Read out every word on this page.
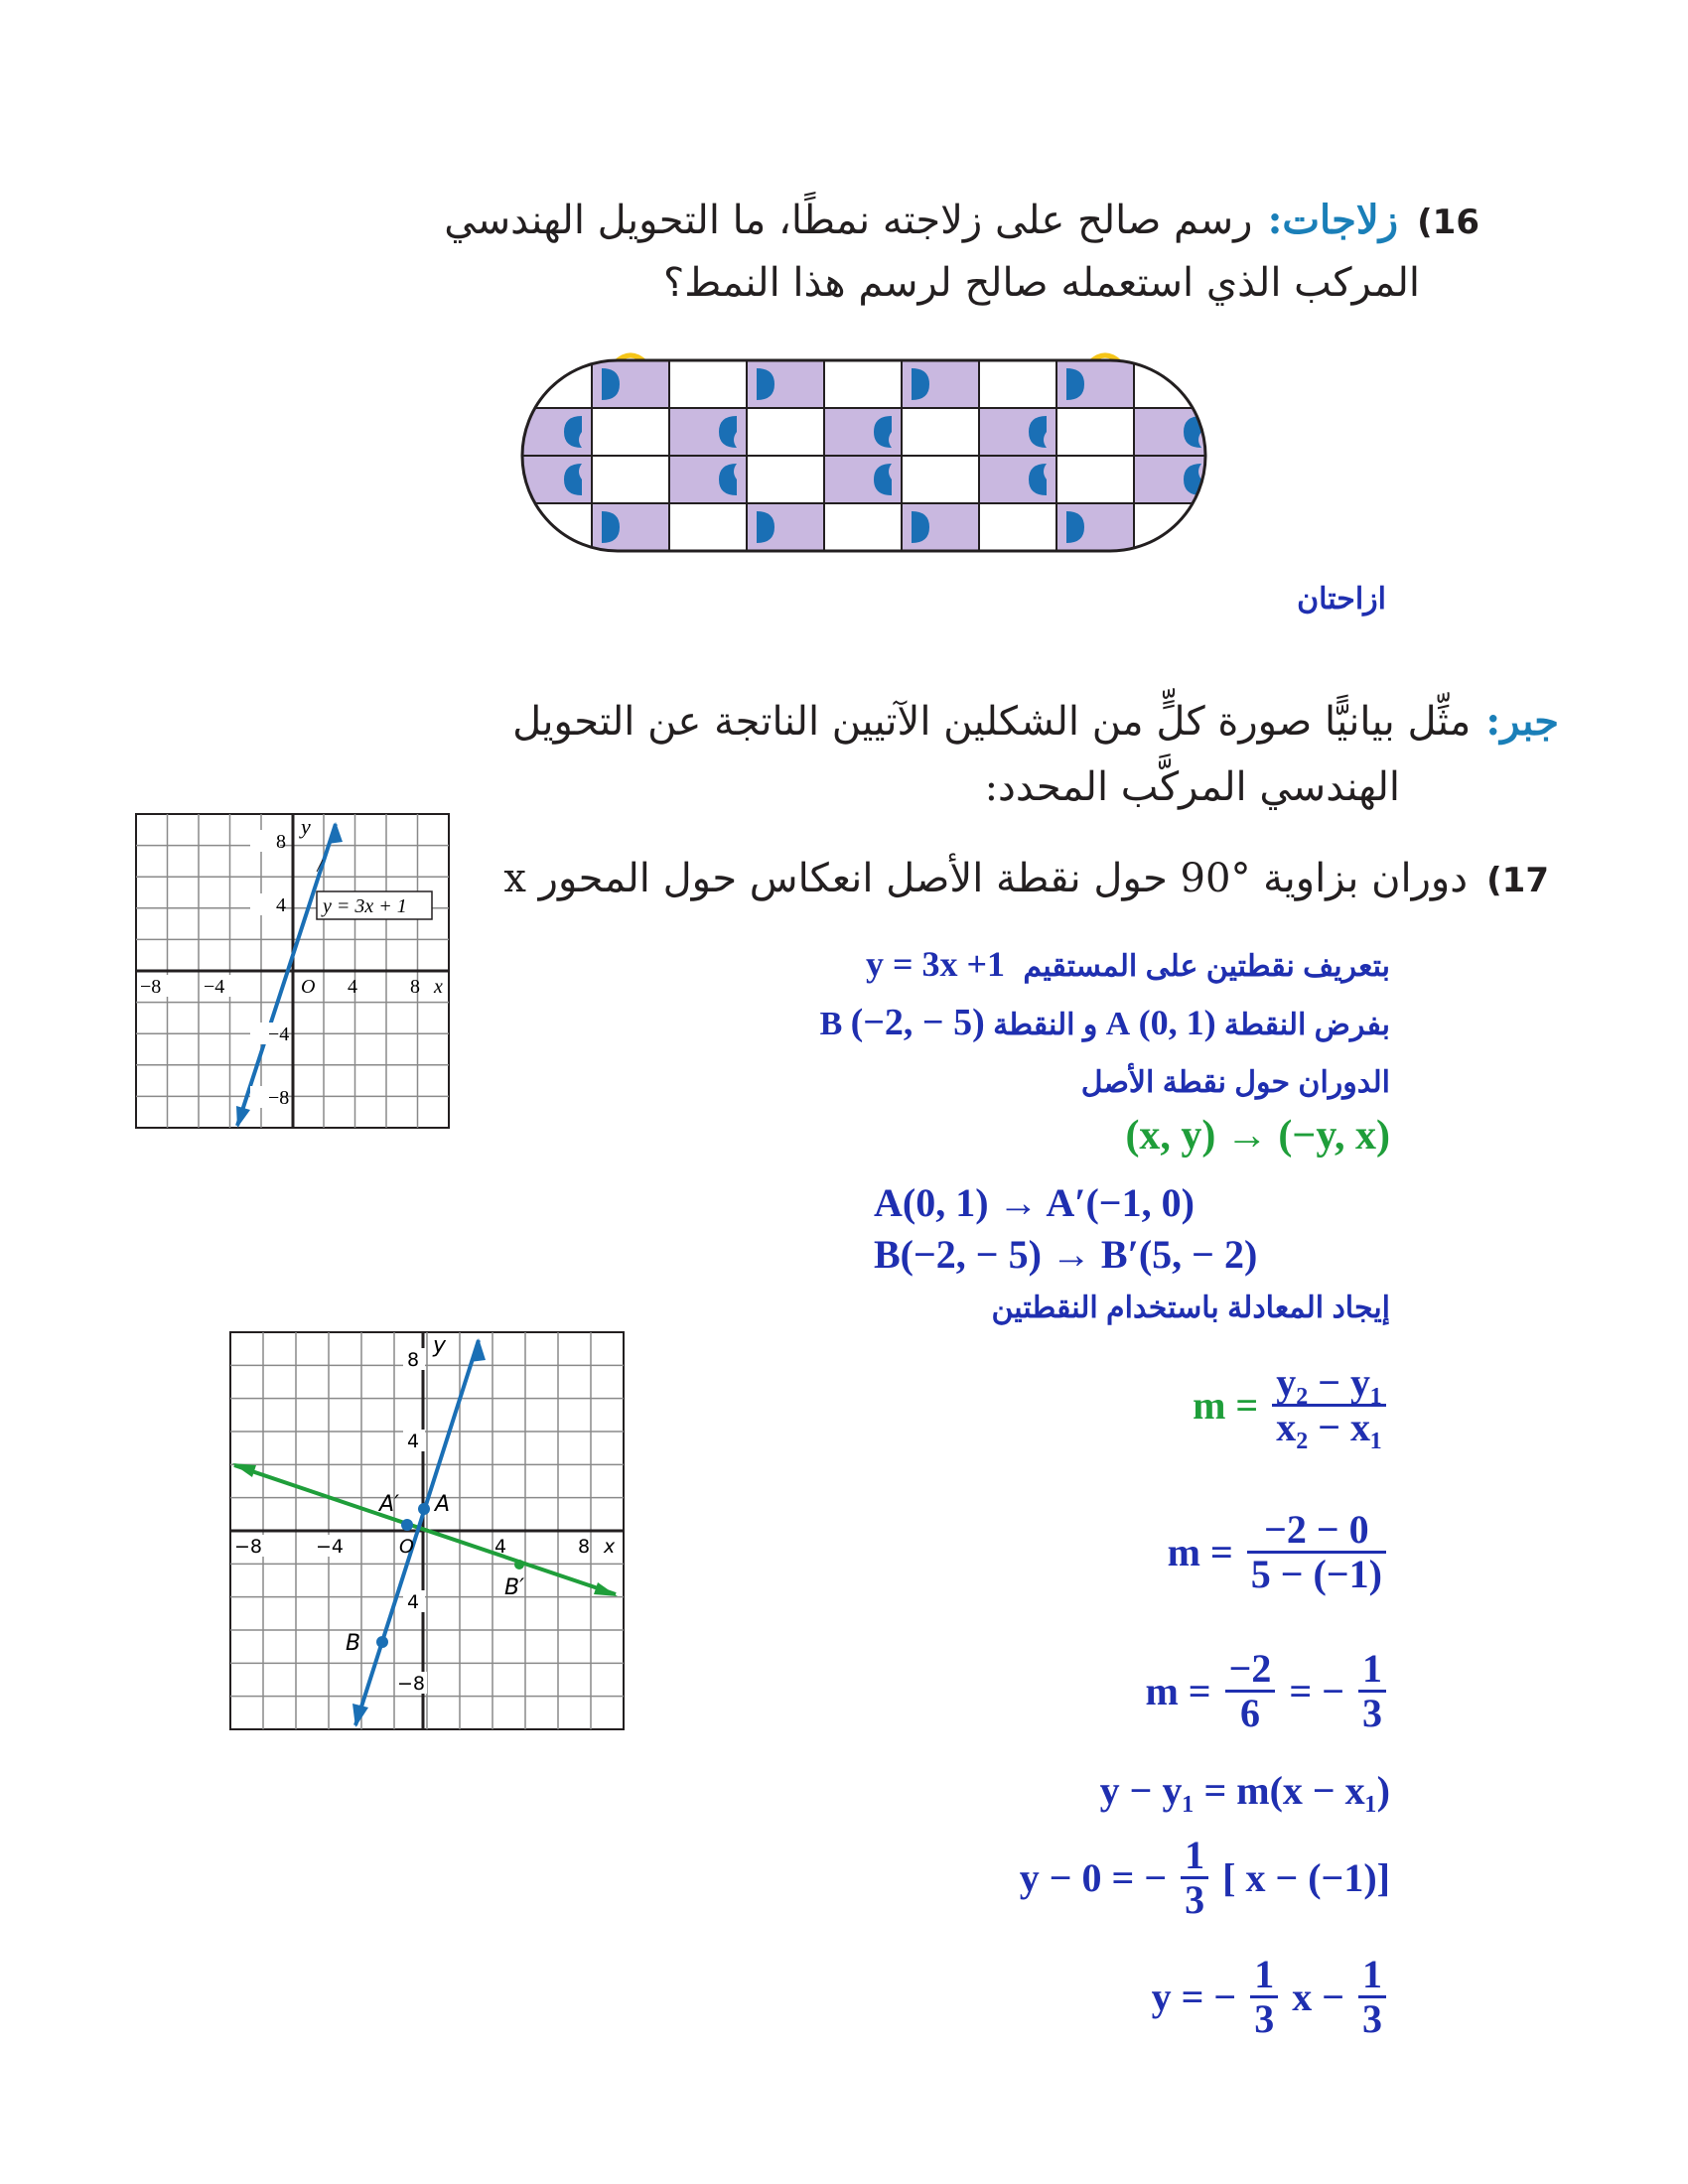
16) زلاجات: رسم صالح على زلاجته نمطًا، ما التحويل الهندسي
المركب الذي استعمله صالح لرسم هذا النمط؟
ازاحتان
جبر: مثِّل بيانيًّا صورة كلٍّ من الشكلين الآتيين الناتجة عن التحويل
الهندسي المركَّب المحدد:
17) دوران بزاوية °90 حول نقطة الأصل انعكاس حول المحور x
y
8
4
−4
−8
−8 −4	O 4	8 x
y = 3x + 1
y
8
4
4
−8
−8	−4	O	4	8 x
A′ A
B
B′
بتعريف نقطتين على المستقيم y = 3x +1
بفرض النقطة A (0, 1) و النقطة B (−2, − 5)
الدوران حول نقطة الأصل
(x, y) → (−y, x)
A(0, 1) → A′(−1, 0)
B(−2, − 5) → B′(5, − 2)
إيجاد المعادلة باستخدام النقطتين
$m = \frac{\text{y₂ − y₁}}{\text{x₂ − x₁}}$
$m = \frac{-2 - 0}{5 - (-1)}$
$m = \frac{-2}{6}$ = − $\frac{1}{3}$
y − y₁ = m(x − x₁)
y − 0 = − $\frac{1}{3}$ [ x − (−1)]
y = − $\frac{1}{3}$ $x - \frac{1}{3}$
